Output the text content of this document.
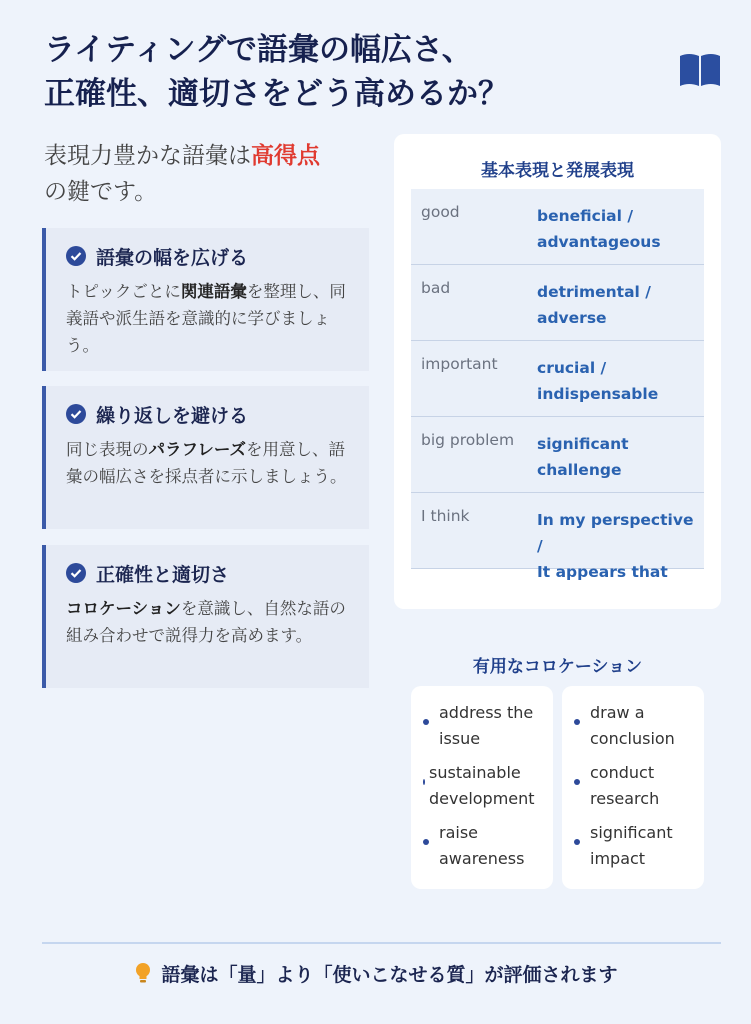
ライティングで語彙の幅広さ、
正確性、適切さをどう高めるか？
表現力豊かな語彙は高得点
の鍵です。
語彙の幅を広げる
トピックごとに関連語彙を整理し、同義語や派生語を意識的に学びましょう。
繰り返しを避ける
同じ表現のパラフレーズを用意し、語彙の幅広さを採点者に示しましょう。
正確性と適切さ
コロケーションを意識し、自然な語の組み合わせで説得力を高めます。
基本表現と発展表現
good	beneficial /
advantageous
bad	detrimental /
adverse
important	crucial /
indispensable
big problem	significant
challenge
I think	In my perspective /
It appears that
有用なコロケーション
address the
issue
sustainable
development
raise
awareness
draw a
conclusion
conduct
research
significant
impact
語彙は「量」より「使いこなせる質」が評価されます
